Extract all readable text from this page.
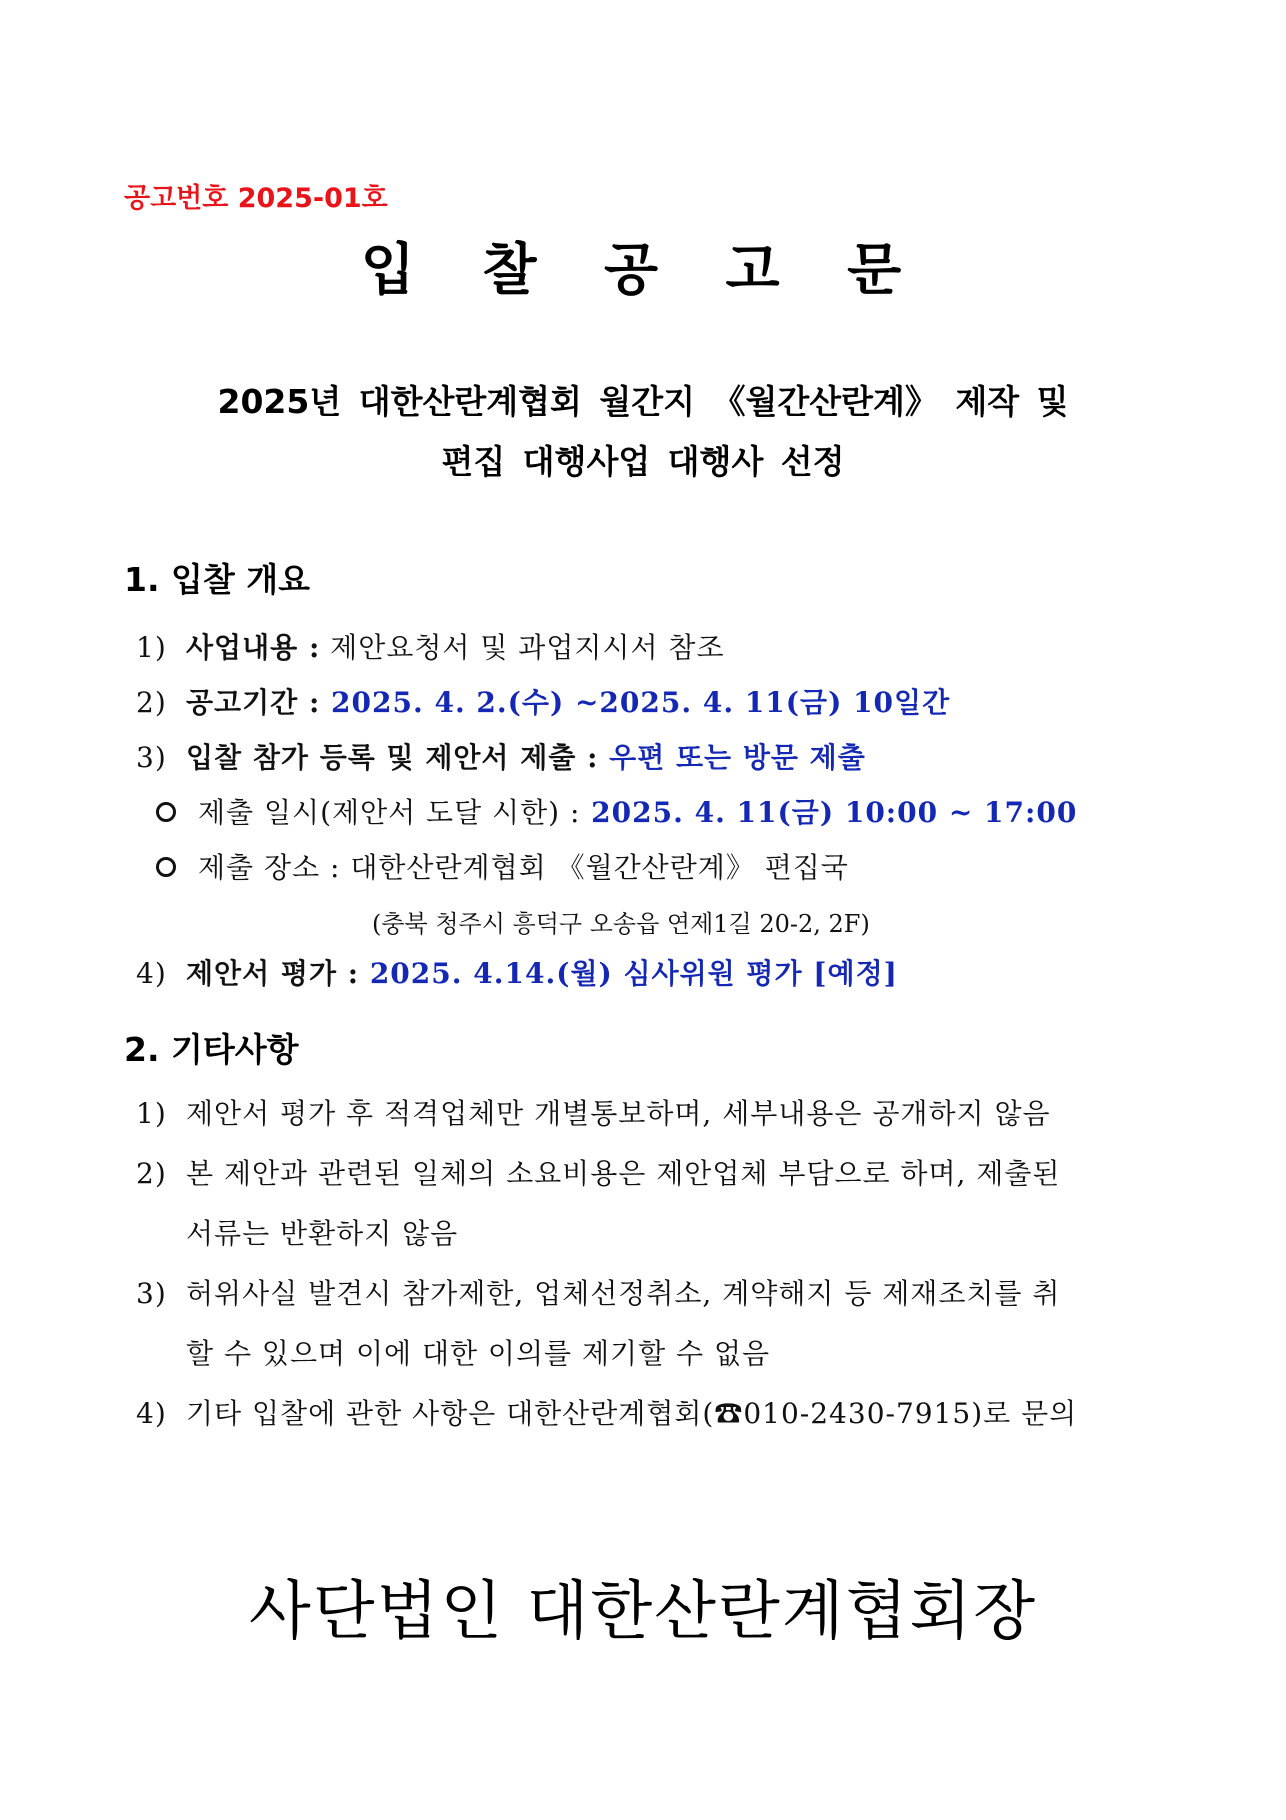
공고번호 2025-01호
입 찰 공 고 문
2025년 대한산란계협회 월간지 《월간산란계》 제작 및
편집 대행사업 대행사 선정
1. 입찰 개요
1) 사업내용 : 제안요청서 및 과업지시서 참조
2) 공고기간 : 2025. 4. 2.(수) ~2025. 4. 11(금) 10일간
3) 입찰 참가 등록 및 제안서 제출 : 우편 또는 방문 제출
제출 일시(제안서 도달 시한) : 2025. 4. 11(금) 10:00 ~ 17:00
제출 장소 : 대한산란계협회 《월간산란계》 편집국
(충북 청주시 흥덕구 오송읍 연제1길 20-2, 2F)
4) 제안서 평가 : 2025. 4.14.(월) 심사위원 평가 [예정]
2. 기타사항
1) 제안서 평가 후 적격업체만 개별통보하며, 세부내용은 공개하지 않음
2) 본 제안과 관련된 일체의 소요비용은 제안업체 부담으로 하며, 제출된
서류는 반환하지 않음
3) 허위사실 발견시 참가제한, 업체선정취소, 계약해지 등 제재조치를 취
할 수 있으며 이에 대한 이의를 제기할 수 없음
4) 기타 입찰에 관한 사항은 대한산란계협회(☎010-2430-7915)로 문의
사단법인 대한산란계협회장
